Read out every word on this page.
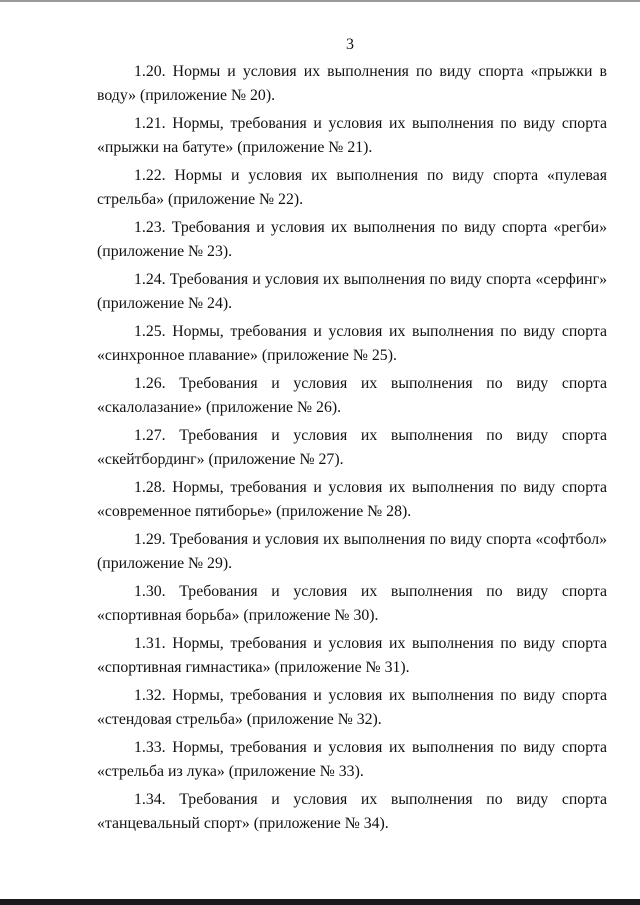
3

1.20. Нормы и условия их выполнения по виду спорта «прыжки в воду» (приложение № 20).

1.21. Нормы, требования и условия их выполнения по виду спорта «прыжки на батуте» (приложение № 21).

1.22. Нормы и условия их выполнения по виду спорта «пулевая стрельба» (приложение № 22).

1.23. Требования и условия их выполнения по виду спорта «регби» (приложение № 23).

1.24. Требования и условия их выполнения по виду спорта «серфинг» (приложение № 24).

1.25. Нормы, требования и условия их выполнения по виду спорта «синхронное плавание» (приложение № 25).

1.26. Требования и условия их выполнения по виду спорта «скалолазание» (приложение № 26).

1.27. Требования и условия их выполнения по виду спорта «скейтбординг» (приложение № 27).

1.28. Нормы, требования и условия их выполнения по виду спорта «современное пятиборье» (приложение № 28).

1.29. Требования и условия их выполнения по виду спорта «софтбол» (приложение № 29).

1.30. Требования и условия их выполнения по виду спорта «спортивная борьба» (приложение № 30).

1.31. Нормы, требования и условия их выполнения по виду спорта «спортивная гимнастика» (приложение № 31).

1.32. Нормы, требования и условия их выполнения по виду спорта «стендовая стрельба» (приложение № 32).

1.33. Нормы, требования и условия их выполнения по виду спорта «стрельба из лука» (приложение № 33).

1.34. Требования и условия их выполнения по виду спорта «танцевальный спорт» (приложение № 34).
